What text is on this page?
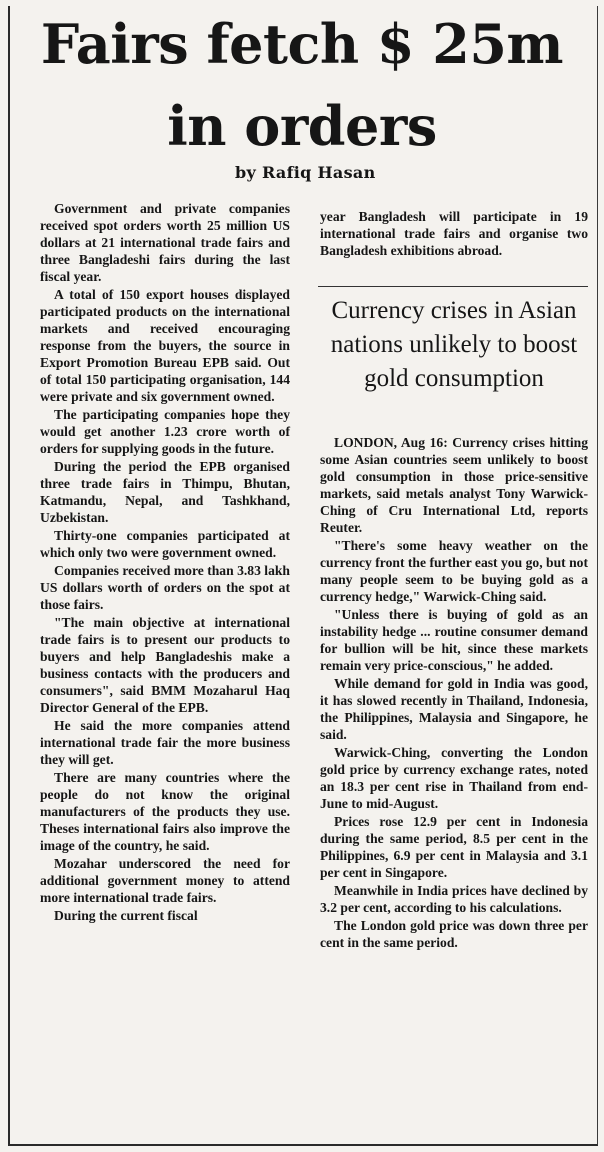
Fairs fetch $ 25m
in orders
by Rafiq Hasan

Government and private companies received spot orders worth 25 million US dollars at 21 international trade fairs and three Bangladeshi fairs during the last fiscal year.

A total of 150 export houses displayed participated products on the international markets and received encouraging response from the buyers, the source in Export Promotion Bureau EPB said. Out of total 150 participating organisation, 144 were private and six government owned.

The participating companies hope they would get another 1.23 crore worth of orders for supplying goods in the future.

During the period the EPB organised three trade fairs in Thimpu, Bhutan, Katmandu, Nepal, and Tashkhand, Uzbekistan.

Thirty-one companies participated at which only two were government owned.

Companies received more than 3.83 lakh US dollars worth of orders on the spot at those fairs.

"The main objective at international trade fairs is to present our products to buyers and help Bangladeshis make a business contacts with the producers and consumers", said BMM Mozaharul Haq Director General of the EPB.

He said the more companies attend international trade fair the more business they will get.

There are many countries where the people do not know the original manufacturers of the products they use. Theses international fairs also improve the image of the country, he said.

Mozahar underscored the need for additional government money to attend more international trade fairs.

During the current fiscal

year Bangladesh will participate in 19 international trade fairs and organise two Bangladesh exhibitions abroad.

Currency crises in Asian nations unlikely to boost gold consumption

LONDON, Aug 16: Currency crises hitting some Asian countries seem unlikely to boost gold consumption in those price-sensitive markets, said metals analyst Tony Warwick-Ching of Cru International Ltd, reports Reuter.

"There's some heavy weather on the currency front the further east you go, but not many people seem to be buying gold as a currency hedge," Warwick-Ching said.

"Unless there is buying of gold as an instability hedge ... routine consumer demand for bullion will be hit, since these markets remain very price-conscious," he added.

While demand for gold in India was good, it has slowed recently in Thailand, Indonesia, the Philippines, Malaysia and Singapore, he said.

Warwick-Ching, converting the London gold price by currency exchange rates, noted an 18.3 per cent rise in Thailand from end-June to mid-August.

Prices rose 12.9 per cent in Indonesia during the same period, 8.5 per cent in the Philippines, 6.9 per cent in Malaysia and 3.1 per cent in Singapore.

Meanwhile in India prices have declined by 3.2 per cent, according to his calculations.

The London gold price was down three per cent in the same period.
